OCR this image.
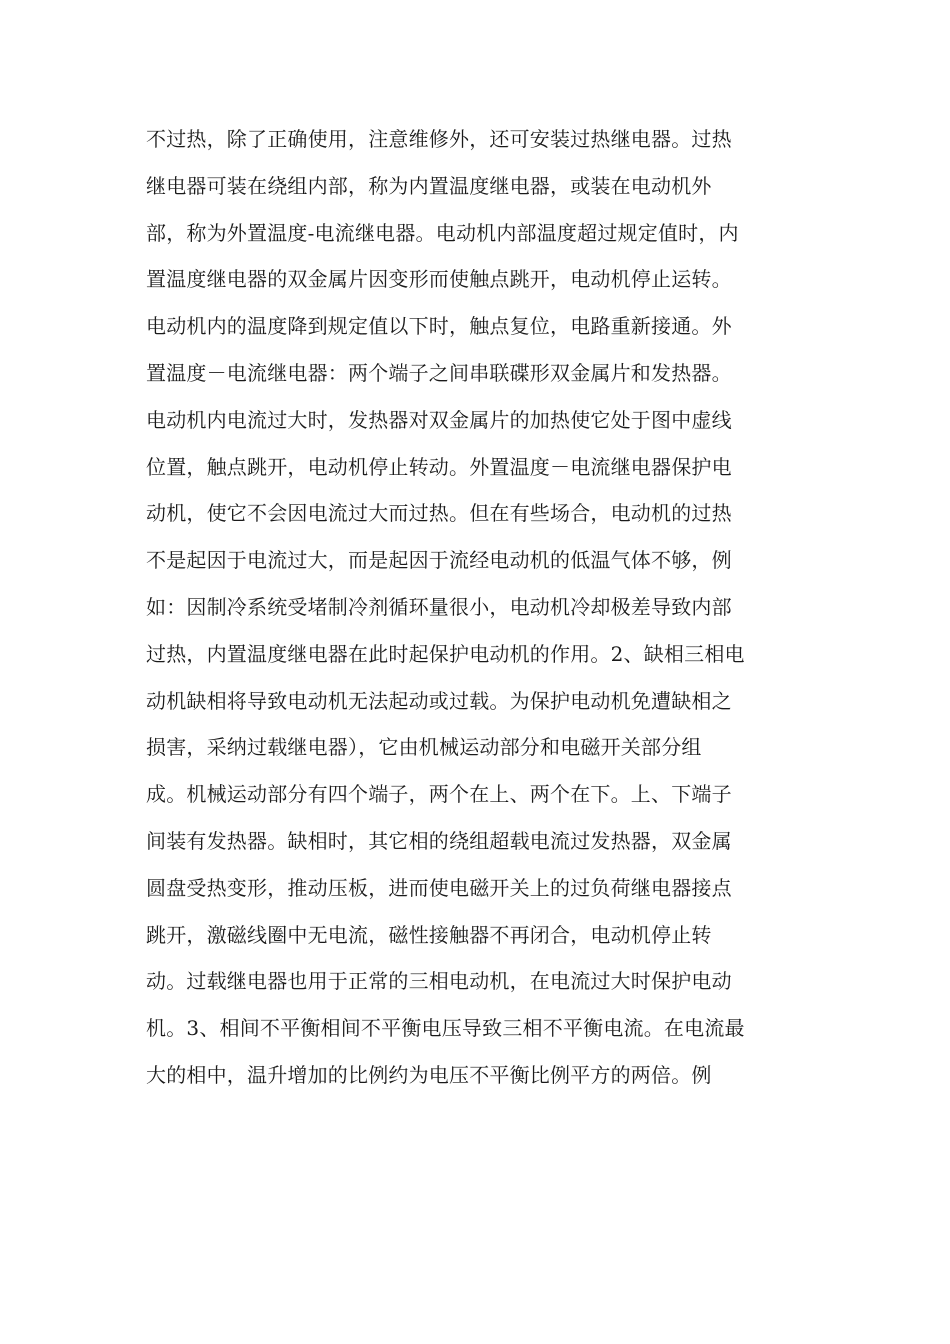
不过热，除了正确使用，注意维修外，还可安装过热继电器。过热
继电器可装在绕组内部，称为内置温度继电器，或装在电动机外
部，称为外置温度-电流继电器。电动机内部温度超过规定值时，内
置温度继电器的双金属片因变形而使触点跳开，电动机停止运转。
电动机内的温度降到规定值以下时，触点复位，电路重新接通。外
置温度－电流继电器：两个端子之间串联碟形双金属片和发热器。
电动机内电流过大时，发热器对双金属片的加热使它处于图中虚线
位置，触点跳开，电动机停止转动。外置温度－电流继电器保护电
动机，使它不会因电流过大而过热。但在有些场合，电动机的过热
不是起因于电流过大，而是起因于流经电动机的低温气体不够，例
如：因制冷系统受堵制冷剂循环量很小，电动机冷却极差导致内部
过热，内置温度继电器在此时起保护电动机的作用。2、缺相三相电
动机缺相将导致电动机无法起动或过载。为保护电动机免遭缺相之
损害，采纳过载继电器），它由机械运动部分和电磁开关部分组
成。机械运动部分有四个端子，两个在上、两个在下。上、下端子
间装有发热器。缺相时，其它相的绕组超载电流过发热器，双金属
圆盘受热变形，推动压板，进而使电磁开关上的过负荷继电器接点
跳开，激磁线圈中无电流，磁性接触器不再闭合，电动机停止转
动。过载继电器也用于正常的三相电动机，在电流过大时保护电动
机。3、相间不平衡相间不平衡电压导致三相不平衡电流。在电流最
大的相中，温升增加的比例约为电压不平衡比例平方的两倍。例
